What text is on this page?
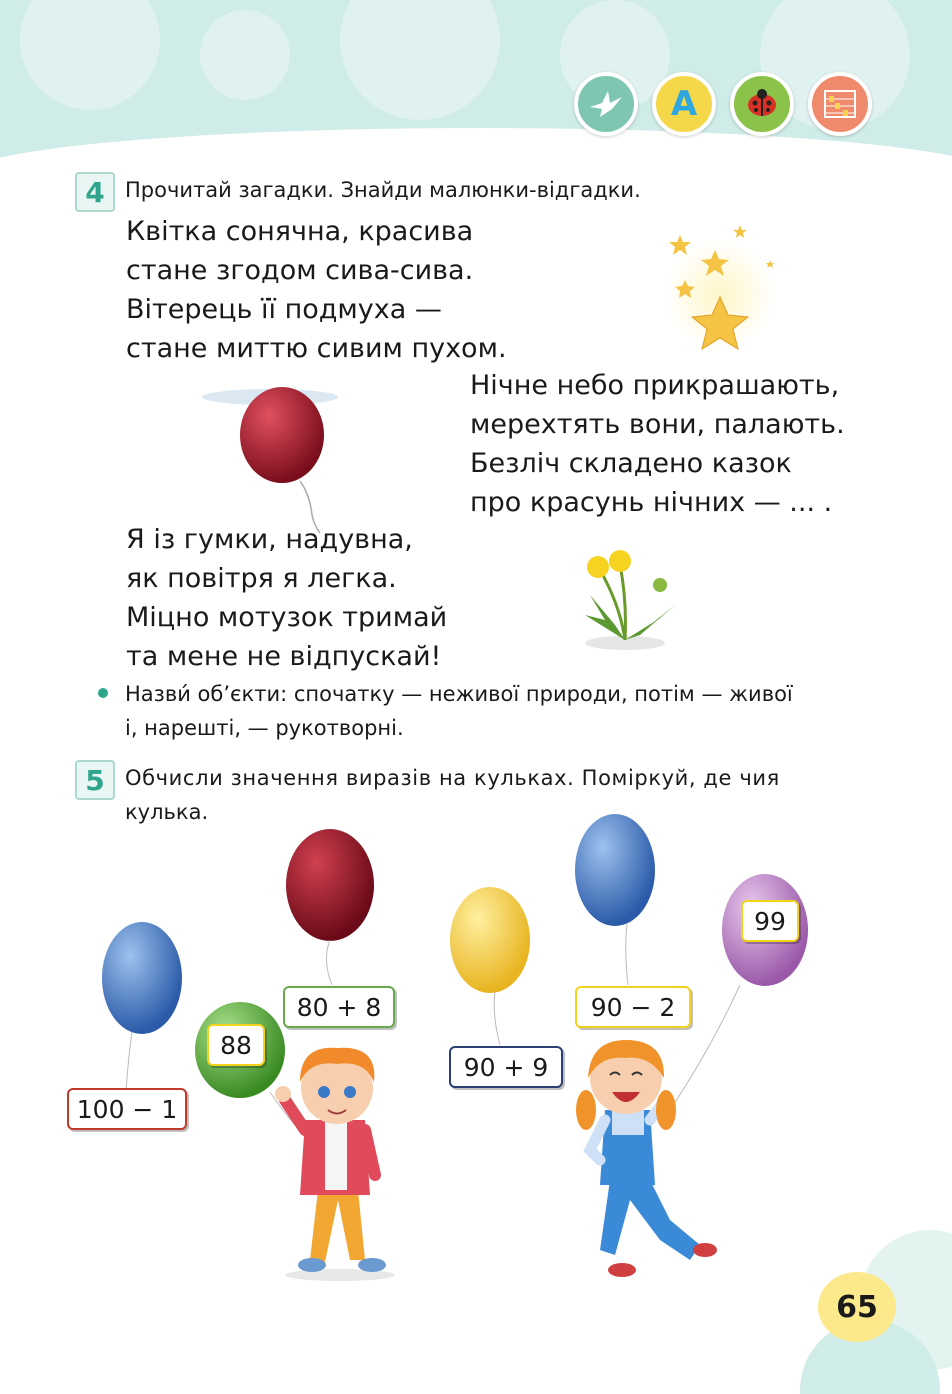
A
4 Прочитай загадки. Знайди малюнки-відгадки.
Квітка сонячна, красива
стане згодом сива-сива.
Вітерець її подмуха —
стане миттю сивим пухом.
Нічне небо прикрашають,
мерехтять вони, палають.
Безліч складено казок
про красунь нічних — ... .
Я із гумки, надувна,
як повітря я легка.
Міцно мотузок тримай
та мене не відпускай!
Назви́ об’єкти: спочатку — неживої природи, потім — живої
і, нарешті, — рукотворні.
5 Обчисли значення виразів на кульках. Поміркуй, де чия
кулька.
100 − 1
88
80 + 8
90 + 9
90 − 2
99
65
